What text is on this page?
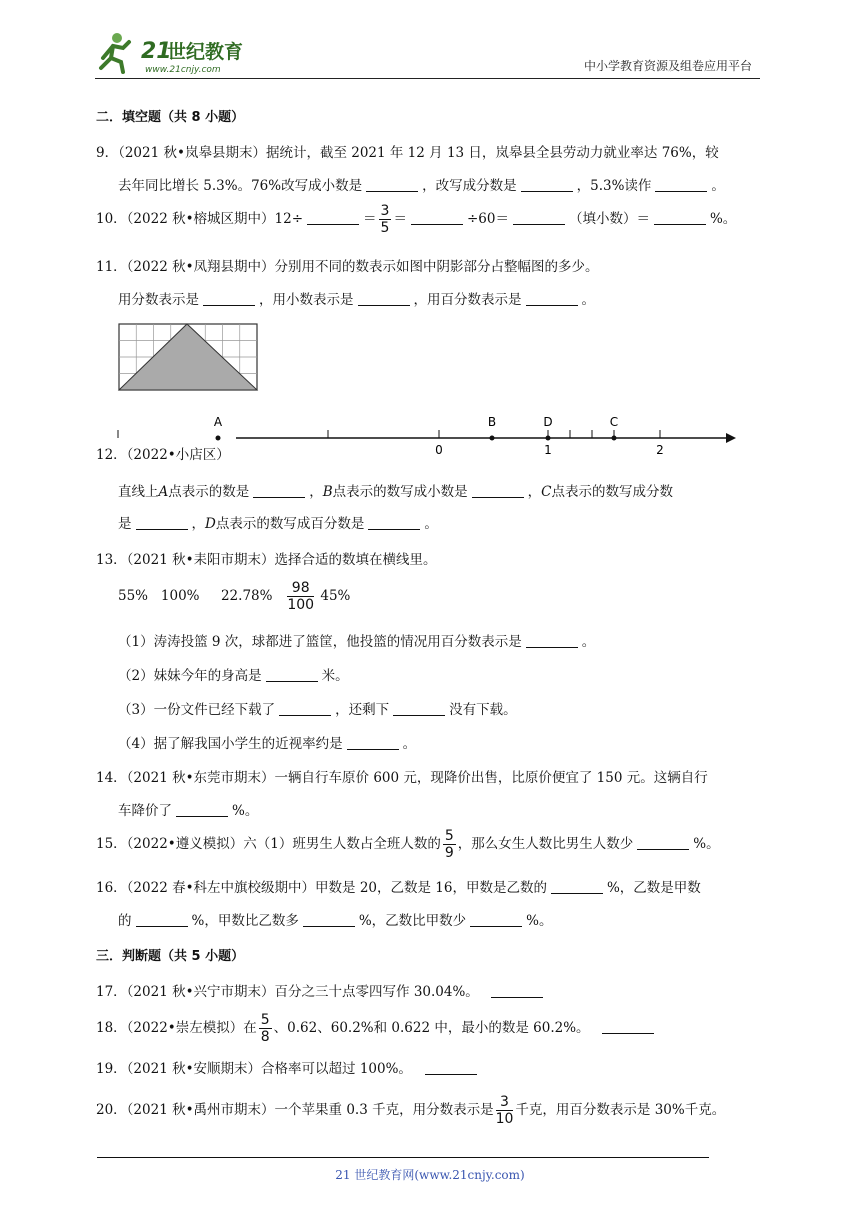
21
世纪教育
www.21cnjy.com	中小学教育资源及组卷应用平台
二．填空题（共 8 小题）
9．（2021 秋•岚皋县期末）据统计，截至 2021 年 12 月 13 日，岚皋县全县劳动力就业率达 76%，较
去年同比增长 5.3%。76%改写成小数是	，改写成分数是	，5.3%读作	。
10．（2022 秋•榕城区期中）12÷	＝ $\frac{3}{5}$ ＝	÷60＝	（填小数）＝	%。
11．（2022 秋•凤翔县期中）分别用不同的数表示如图中阴影部分占整幅图的多少。
用分数表示是	，用小数表示是	，用百分数表示是	。
12．（2022•小店区）
A
0
B	D
1
C
2
直线上A点表示的数是	，B点表示的数写成小数是	，C点表示的数写成分数
是	，D点表示的数写成百分数是	。
13．（2021 秋•耒阳市期末）选择合适的数填在横线里。
55% 100% $22.78\% \frac{98}{100} 45\%$
（1）涛涛投篮 9 次，球都进了篮筐，他投篮的情况用百分数表示是	。
（2）妹妹今年的身高是	米。
（3）一份文件已经下载了	，还剩下	没有下载。
（4）据了解我国小学生的近视率约是	。
14．（2021 秋•东莞市期末）一辆自行车原价 600 元，现降价出售，比原价便宜了 150 元。这辆自行
车降价了	%。
15．（2022•遵义模拟）六（1）班男生人数占全班人数的 $\frac{5}{9}$ ，那么女生人数比男生人数少	%。
16．（2022 春•科左中旗校级期中）甲数是 20，乙数是 16，甲数是乙数的	%，乙数是甲数
的	%，甲数比乙数多	%，乙数比甲数少	%。
三．判断题（共 5 小题）
17．（2021 秋•兴宁市期末）百分之三十点零四写作 30.04%。
18．（2022•崇左模拟）在 $\frac{5}{8}$ 、0.62、60.2%和 0.622 中，最小的数是 60.2%。
19．（2021 秋•安顺期末）合格率可以超过 100%。
20．（2021 秋•禹州市期末）一个苹果重 0.3 千克，用分数表示是 $\frac{3}{10}$ 千克，用百分数表示是 30%千克。
21 世纪教育网(www.21cnjy.com)
